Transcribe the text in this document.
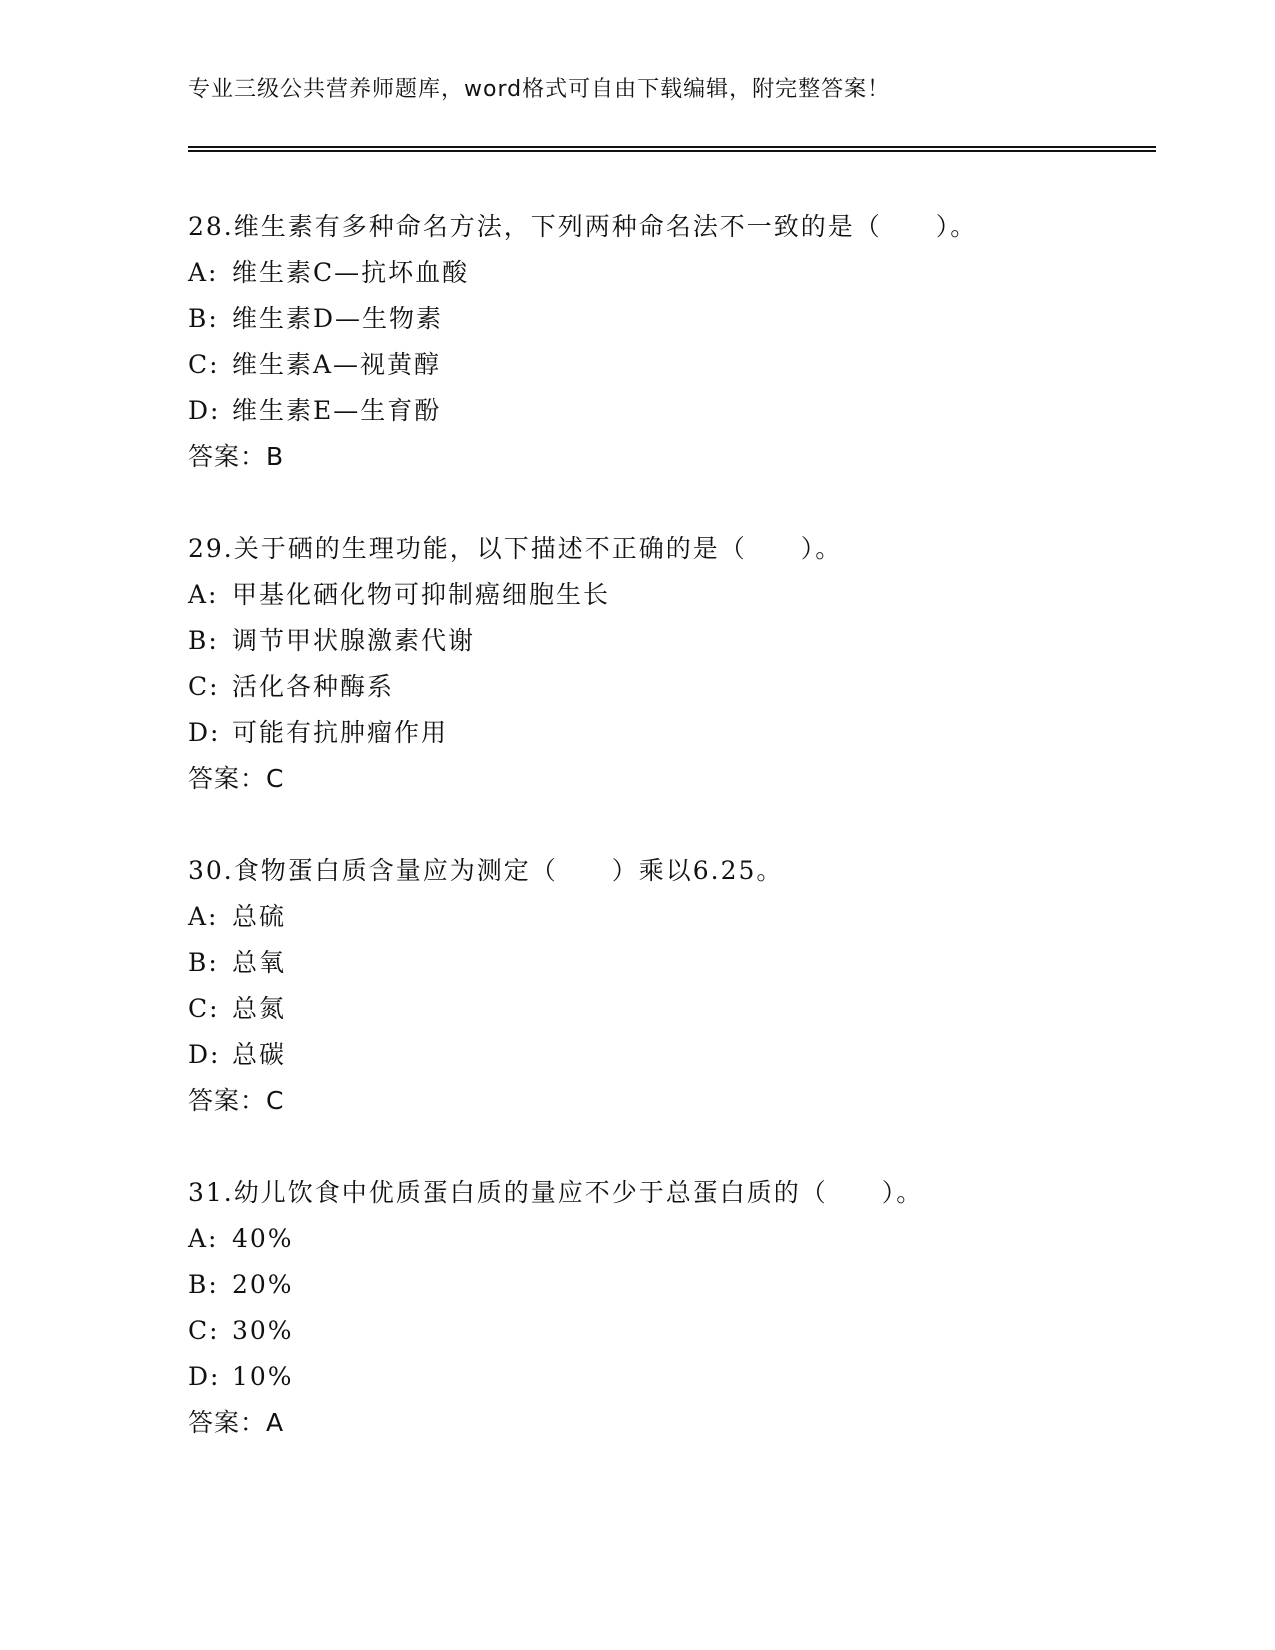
专业三级公共营养师题库，word格式可自由下载编辑，附完整答案！
28.维生素有多种命名方法，下列两种命名法不一致的是（　　）。
A: 维生素C—抗坏血酸
B: 维生素D—生物素
C: 维生素A—视黄醇
D: 维生素E—生育酚
答案：B
29.关于硒的生理功能，以下描述不正确的是（　　）。
A: 甲基化硒化物可抑制癌细胞生长
B: 调节甲状腺激素代谢
C: 活化各种酶系
D: 可能有抗肿瘤作用
答案：C
30.食物蛋白质含量应为测定（　　）乘以6.25。
A: 总硫
B: 总氧
C: 总氮
D: 总碳
答案：C
31.幼儿饮食中优质蛋白质的量应不少于总蛋白质的（　　）。
A: 40%
B: 20%
C: 30%
D: 10%
答案：A
